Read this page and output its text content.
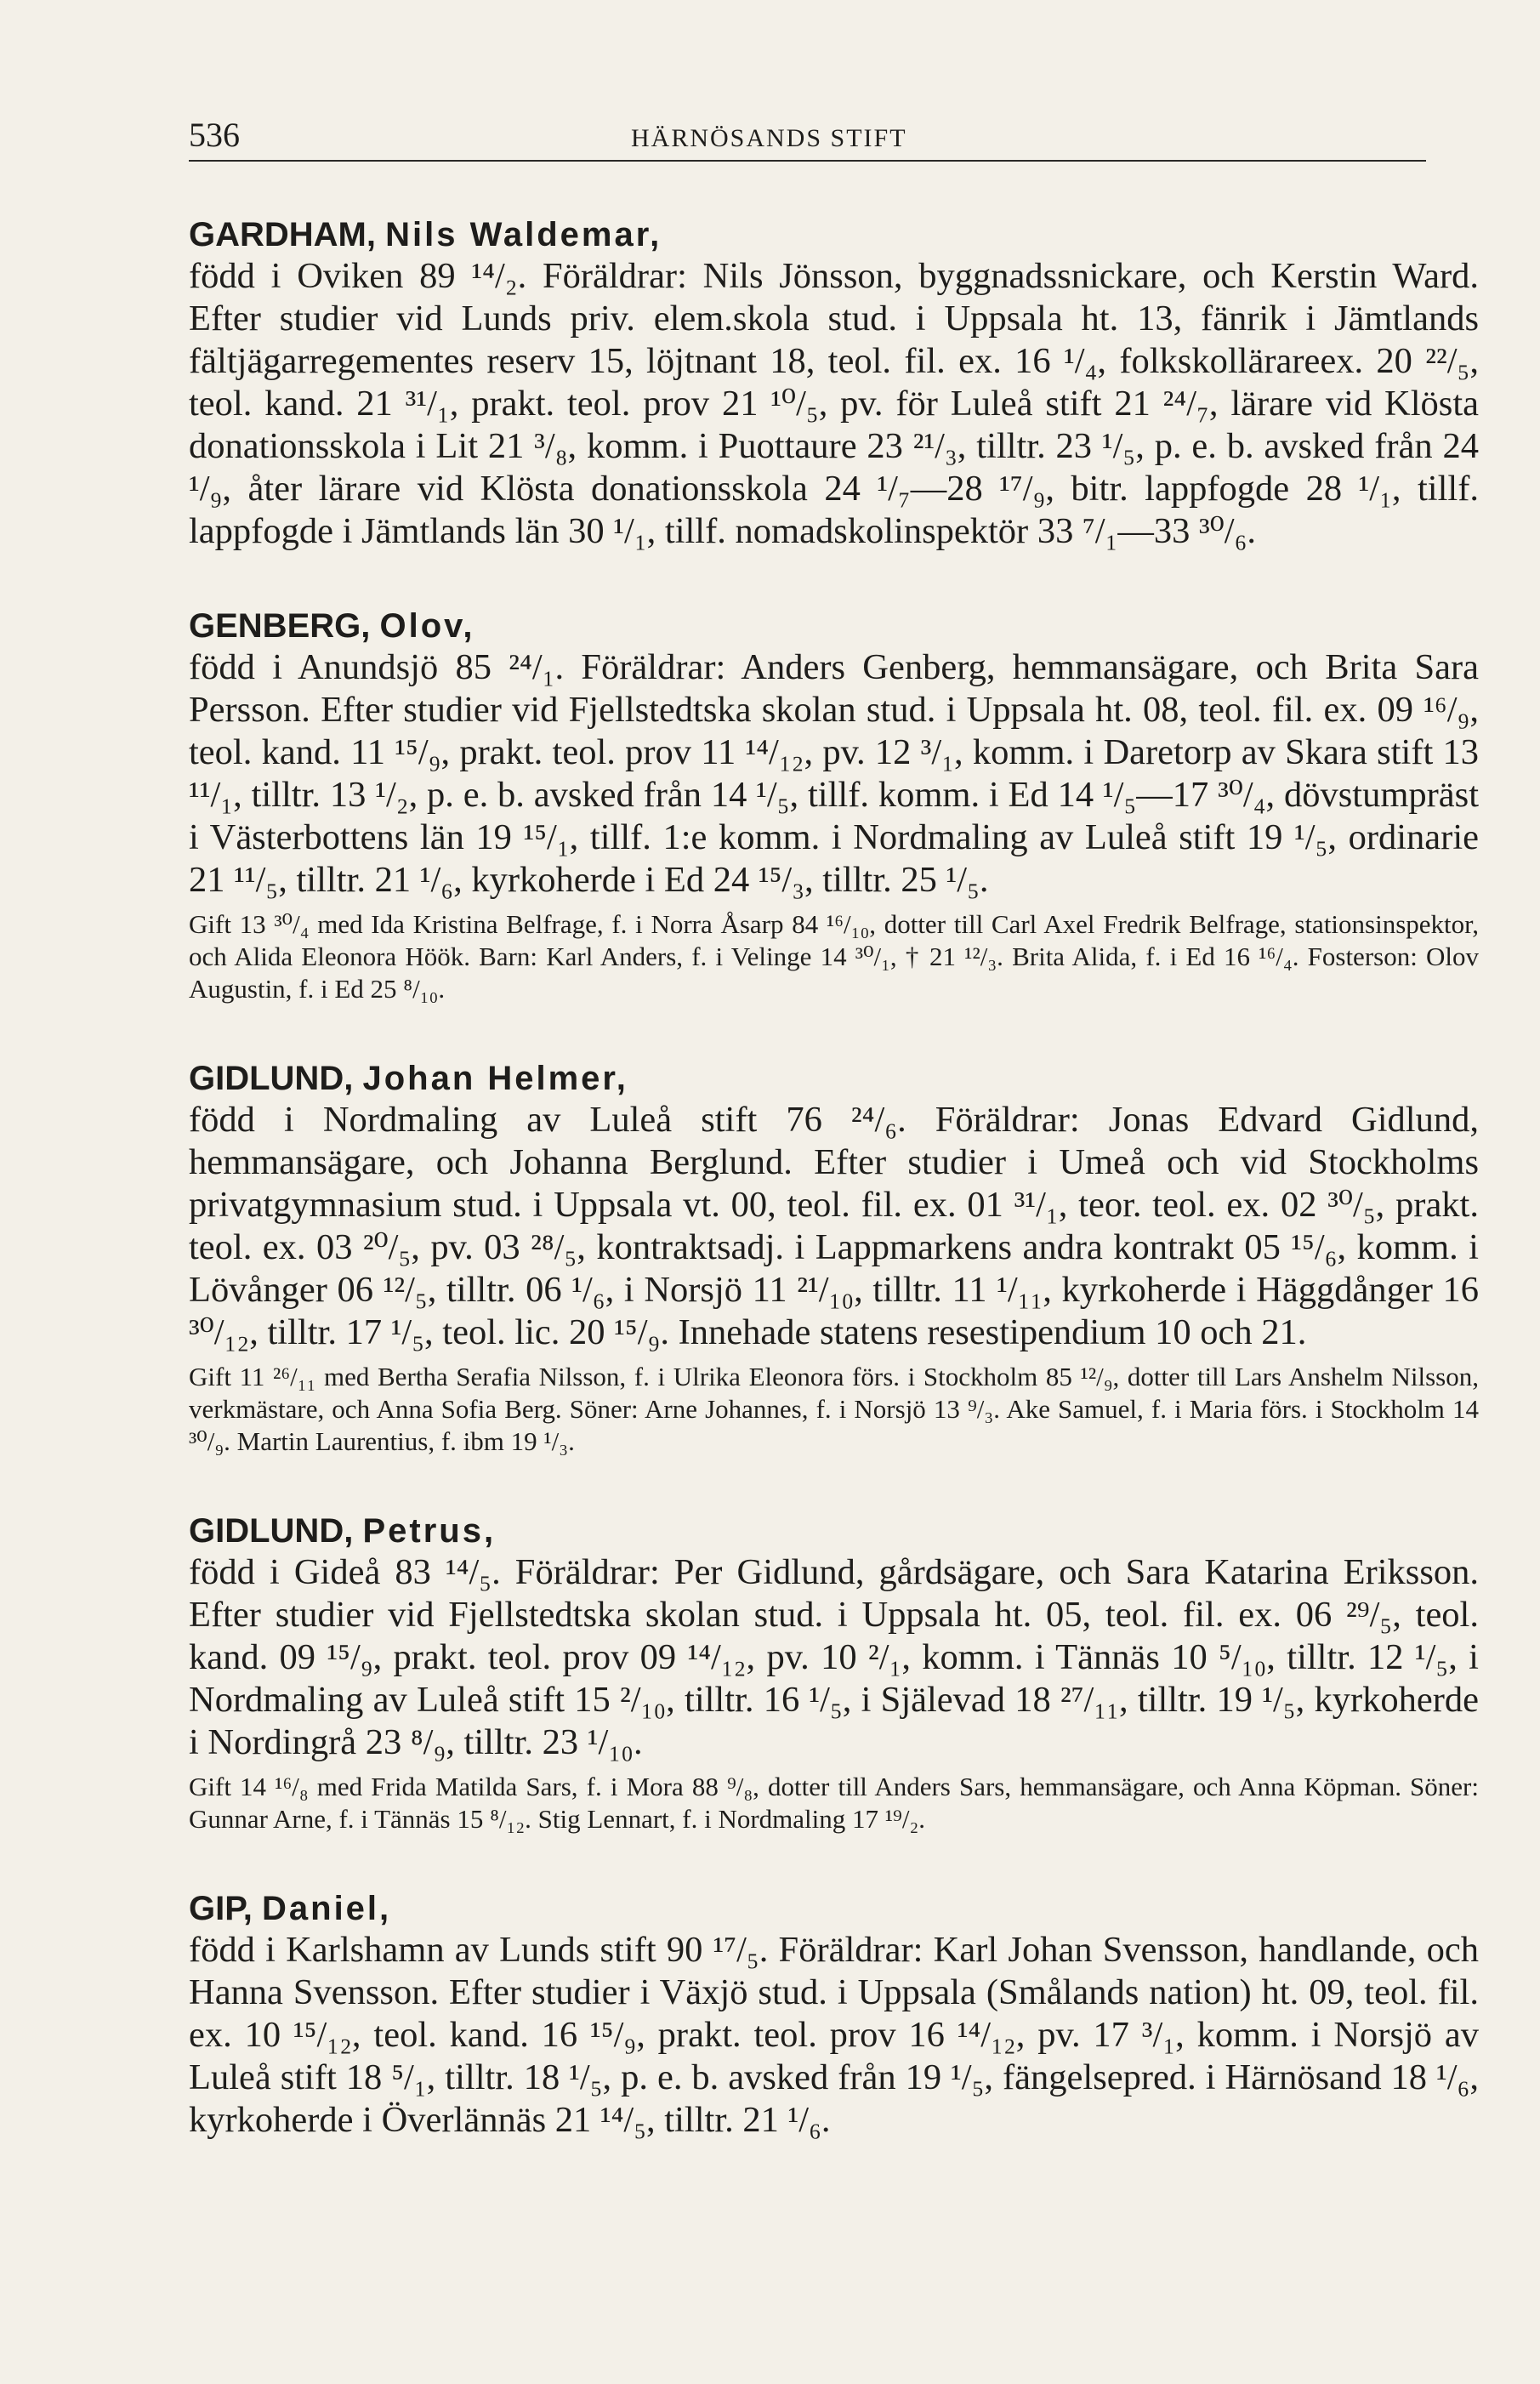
536	HÄRNÖSANDS STIFT
GARDHAM, Nils Waldemar,

född i Oviken 89 ¹⁴/₂. Föräldrar: Nils Jönsson, byggnadssnickare, och Kerstin Ward. Efter studier vid Lunds priv. elem.skola stud. i Uppsala ht. 13, fänrik i Jämtlands fältjägarregementes reserv 15, löjtnant 18, teol. fil. ex. 16 ¹/₄, folkskollärareex. 20 ²²/₅, teol. kand. 21 ³¹/₁, prakt. teol. prov 21 ¹⁰/₅, pv. för Luleå stift 21 ²⁴/₇, lärare vid Klösta donationsskola i Lit 21 ³/₈, komm. i Puottaure 23 ²¹/₃, tilltr. 23 ¹/₅, p. e. b. avsked från 24 ¹/₉, åter lärare vid Klösta donationsskola 24 ¹/₇—28 ¹⁷/₉, bitr. lappfogde 28 ¹/₁, tillf. lappfogde i Jämtlands län 30 ¹/₁, tillf. nomadskolinspektör 33 ⁷/₁—33 ³⁰/₆.

GENBERG, Olov,

född i Anundsjö 85 ²⁴/₁. Föräldrar: Anders Genberg, hemmansägare, och Brita Sara Persson. Efter studier vid Fjellstedtska skolan stud. i Uppsala ht. 08, teol. fil. ex. 09 ¹⁶/₉, teol. kand. 11 ¹⁵/₉, prakt. teol. prov 11 ¹⁴/₁₂, pv. 12 ³/₁, komm. i Daretorp av Skara stift 13 ¹¹/₁, tilltr. 13 ¹/₂, p. e. b. avsked från 14 ¹/₅, tillf. komm. i Ed 14 ¹/₅—17 ³⁰/₄, dövstumpräst i Västerbottens län 19 ¹⁵/₁, tillf. 1:e komm. i Nordmaling av Luleå stift 19 ¹/₅, ordinarie 21 ¹¹/₅, tilltr. 21 ¹/₆, kyrkoherde i Ed 24 ¹⁵/₃, tilltr. 25 ¹/₅.

Gift 13 ³⁰/₄ med Ida Kristina Belfrage, f. i Norra Åsarp 84 ¹⁶/₁₀, dotter till Carl Axel Fredrik Belfrage, stationsinspektor, och Alida Eleonora Höök. Barn: Karl Anders, f. i Velinge 14 ³⁰/₁, † 21 ¹²/₃. Brita Alida, f. i Ed 16 ¹⁶/₄. Fosterson: Olov Augustin, f. i Ed 25 ⁸/₁₀.

GIDLUND, Johan Helmer,

född i Nordmaling av Luleå stift 76 ²⁴/₆. Föräldrar: Jonas Edvard Gidlund, hemmansägare, och Johanna Berglund. Efter studier i Umeå och vid Stockholms privatgymnasium stud. i Uppsala vt. 00, teol. fil. ex. 01 ³¹/₁, teor. teol. ex. 02 ³⁰/₅, prakt. teol. ex. 03 ²⁰/₅, pv. 03 ²⁸/₅, kontraktsadj. i Lappmarkens andra kontrakt 05 ¹⁵/₆, komm. i Lövånger 06 ¹²/₅, tilltr. 06 ¹/₆, i Norsjö 11 ²¹/₁₀, tilltr. 11 ¹/₁₁, kyrkoherde i Häggdånger 16 ³⁰/₁₂, tilltr. 17 ¹/₅, teol. lic. 20 ¹⁵/₉. Innehade statens resestipendium 10 och 21.

Gift 11 ²⁶/₁₁ med Bertha Serafia Nilsson, f. i Ulrika Eleonora förs. i Stockholm 85 ¹²/₉, dotter till Lars Anshelm Nilsson, verkmästare, och Anna Sofia Berg. Söner: Arne Johannes, f. i Norsjö 13 ⁹/₃. Ake Samuel, f. i Maria förs. i Stockholm 14 ³⁰/₉. Martin Laurentius, f. ibm 19 ¹/₃.

GIDLUND, Petrus,

född i Gideå 83 ¹⁴/₅. Föräldrar: Per Gidlund, gårdsägare, och Sara Katarina Eriksson. Efter studier vid Fjellstedtska skolan stud. i Uppsala ht. 05, teol. fil. ex. 06 ²⁹/₅, teol. kand. 09 ¹⁵/₉, prakt. teol. prov 09 ¹⁴/₁₂, pv. 10 ²/₁, komm. i Tännäs 10 ⁵/₁₀, tilltr. 12 ¹/₅, i Nordmaling av Luleå stift 15 ²/₁₀, tilltr. 16 ¹/₅, i Själevad 18 ²⁷/₁₁, tilltr. 19 ¹/₅, kyrkoherde i Nordingrå 23 ⁸/₉, tilltr. 23 ¹/₁₀.

Gift 14 ¹⁶/₈ med Frida Matilda Sars, f. i Mora 88 ⁹/₈, dotter till Anders Sars, hemmansägare, och Anna Köpman. Söner: Gunnar Arne, f. i Tännäs 15 ⁸/₁₂. Stig Lennart, f. i Nordmaling 17 ¹⁹/₂.

GIP, Daniel,

född i Karlshamn av Lunds stift 90 ¹⁷/₅. Föräldrar: Karl Johan Svensson, handlande, och Hanna Svensson. Efter studier i Växjö stud. i Uppsala (Smålands nation) ht. 09, teol. fil. ex. 10 ¹⁵/₁₂, teol. kand. 16 ¹⁵/₉, prakt. teol. prov 16 ¹⁴/₁₂, pv. 17 ³/₁, komm. i Norsjö av Luleå stift 18 ⁵/₁, tilltr. 18 ¹/₅, p. e. b. avsked från 19 ¹/₅, fängelsepred. i Härnösand 18 ¹/₆, kyrkoherde i Överlännäs 21 ¹⁴/₅, tilltr. 21 ¹/₆.
